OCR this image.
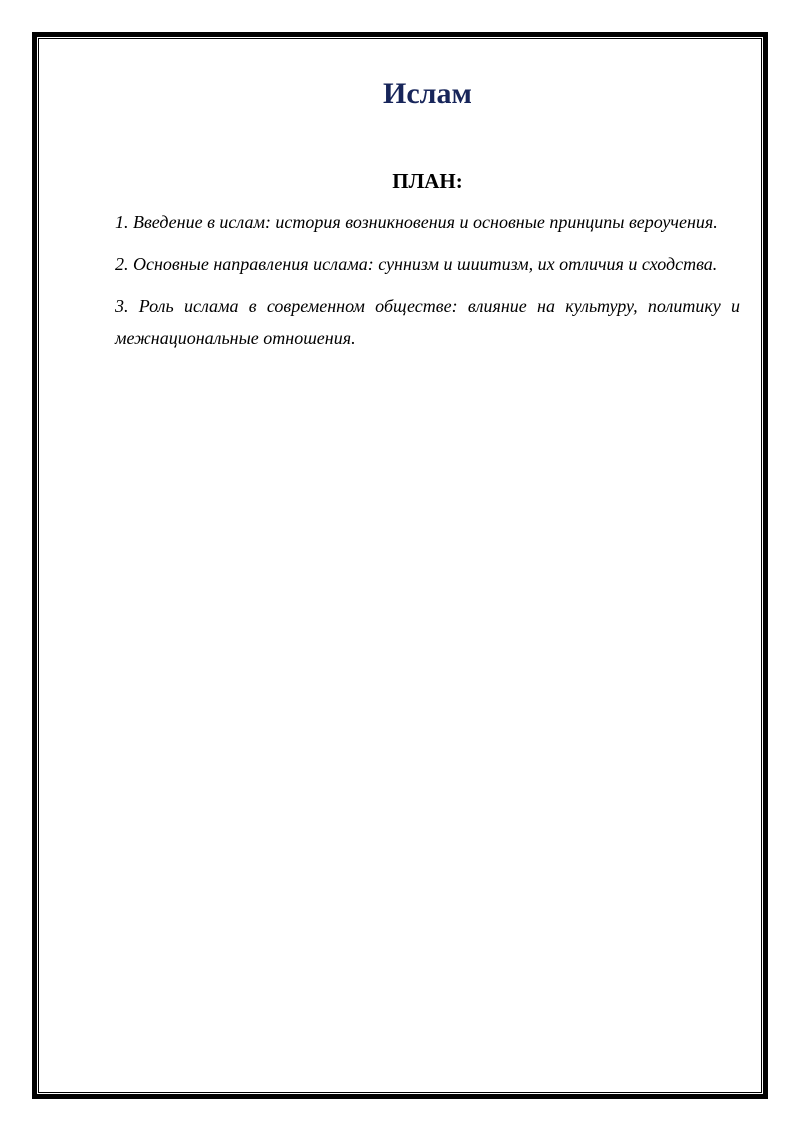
Ислам
ПЛАН:
1. Введение в ислам: история возникновения и основные принципы вероучения.
2. Основные направления ислама: суннизм и шиитизм, их отличия и сходства.
3. Роль ислама в современном обществе: влияние на культуру, политику и межнациональные отношения.
